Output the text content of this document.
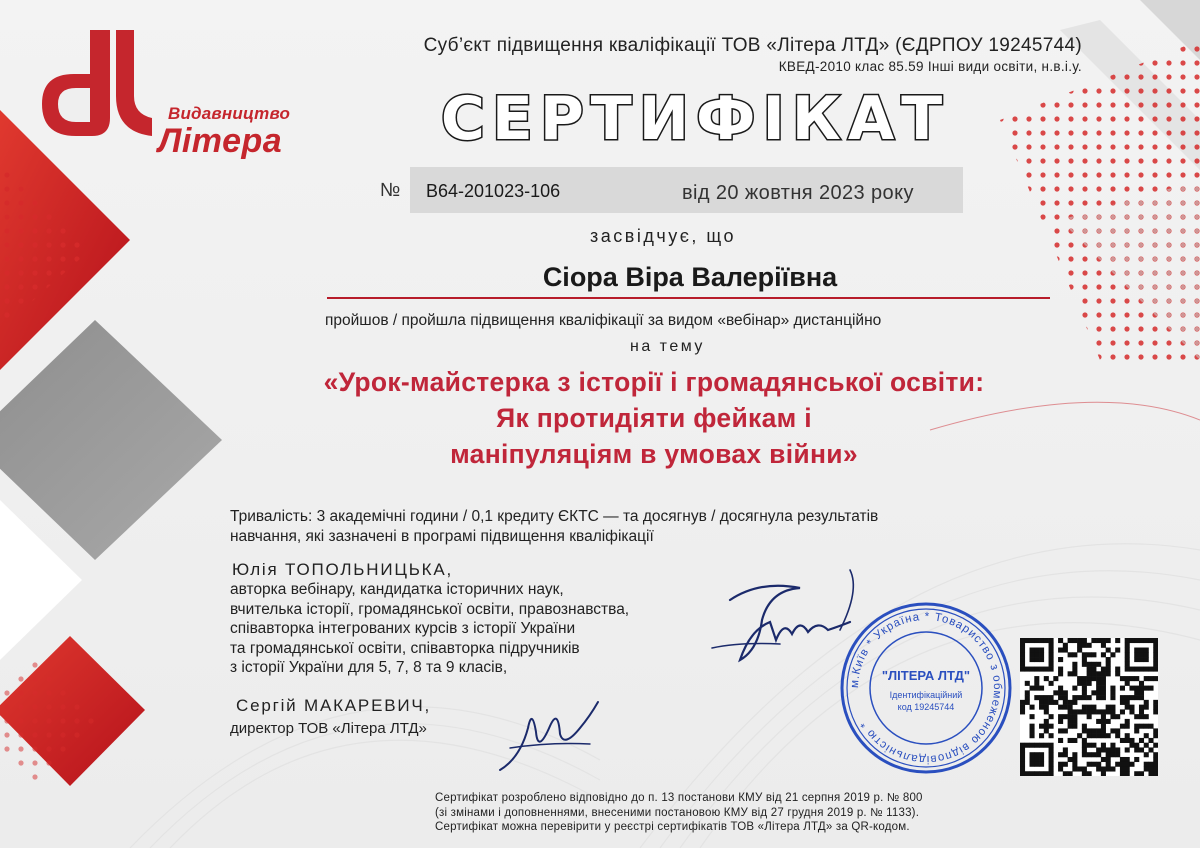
Видавництво
Літера
Суб’єкт підвищення кваліфікації ТОВ «Літера ЛТД» (ЄДРПОУ 19245744)
КВЕД-2010 клас 85.59 Інші види освіти, н.в.і.у.
СЕРТИФІКАТ
№ В64-201023-106	від 20 жовтня 2023 року
засвідчує, що
Сіора Віра Валеріївна
пройшов / пройшла підвищення кваліфікації за видом «вебінар» дистанційно
на тему
«Урок-майстерка з історії і громадянської освіти:
Як протидіяти фейкам і
маніпуляціям в умовах війни»
Тривалість: 3 академічні години / 0,1 кредиту ЄКТС — та досягнув / досягнула результатів
навчання, які зазначені в програмі підвищення кваліфікації
Юлія ТОПОЛЬНИЦЬКА,
авторка вебінару, кандидатка історичних наук,
вчителька історії, громадянської освіти, правознавства,
співавторка інтегрованих курсів з історії України
та громадянської освіти, співавторка підручників
з історії України для 5, 7, 8 та 9 класів,
Сергій МАКАРЕВИЧ,
директор ТОВ «Літера ЛТД»
м.Київ * Україна * Товариство з обмеженою відповідальністю *
"ЛІТЕРА ЛТД"
Ідентифікаційний
код 19245744
Сертифікат розроблено відповідно до п. 13 постанови КМУ від 21 серпня 2019 р. № 800
(зі змінами і доповненнями, внесеними постановою КМУ від 27 грудня 2019 р. № 1133).
Сертифікат можна перевірити у реєстрі сертифікатів ТОВ «Літера ЛТД» за QR-кодом.
